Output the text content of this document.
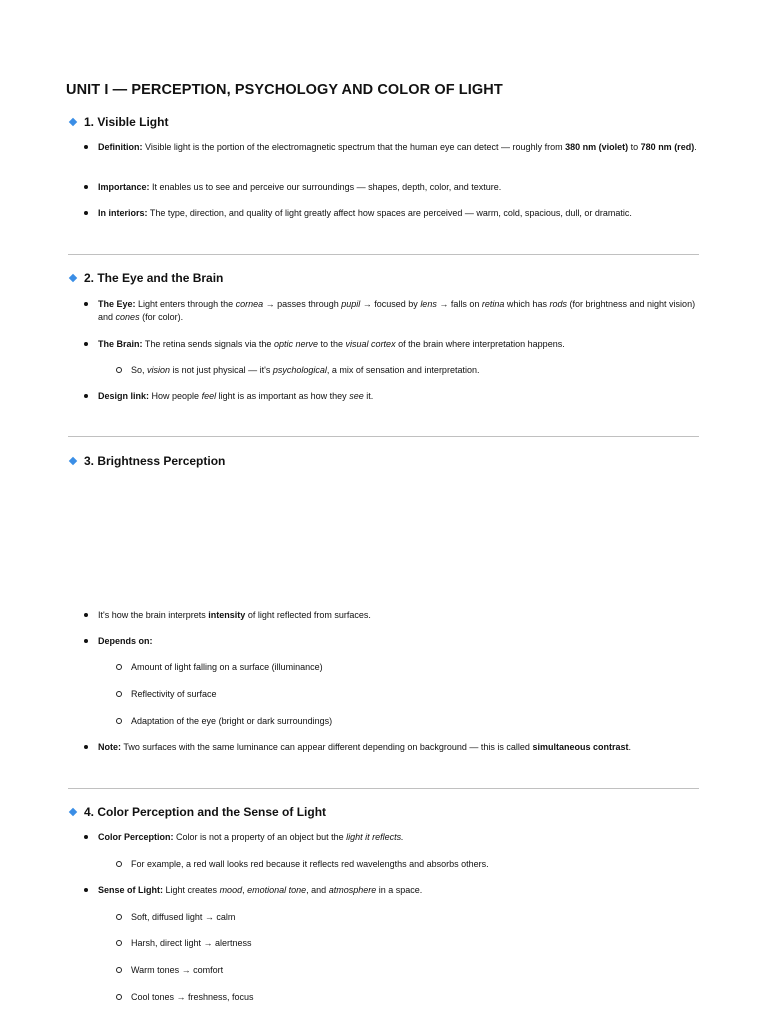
UNIT I — PERCEPTION, PSYCHOLOGY AND COLOR OF LIGHT
1. Visible Light
Definition: Visible light is the portion of the electromagnetic spectrum that the human eye can detect — roughly from 380 nm (violet) to 780 nm (red).
Importance: It enables us to see and perceive our surroundings — shapes, depth, color, and texture.
In interiors: The type, direction, and quality of light greatly affect how spaces are perceived — warm, cold, spacious, dull, or dramatic.
2. The Eye and the Brain
The Eye: Light enters through the cornea → passes through pupil → focused by lens → falls on retina which has rods (for brightness and night vision) and cones (for color).
The Brain: The retina sends signals via the optic nerve to the visual cortex of the brain where interpretation happens.
So, vision is not just physical — it's psychological, a mix of sensation and interpretation.
Design link: How people feel light is as important as how they see it.
3. Brightness Perception
It's how the brain interprets intensity of light reflected from surfaces.
Depends on:
Amount of light falling on a surface (illuminance)
Reflectivity of surface
Adaptation of the eye (bright or dark surroundings)
Note: Two surfaces with the same luminance can appear different depending on background — this is called simultaneous contrast.
4. Color Perception and the Sense of Light
Color Perception: Color is not a property of an object but the light it reflects.
For example, a red wall looks red because it reflects red wavelengths and absorbs others.
Sense of Light: Light creates mood, emotional tone, and atmosphere in a space.
Soft, diffused light → calm
Harsh, direct light → alertness
Warm tones → comfort
Cool tones → freshness, focus
